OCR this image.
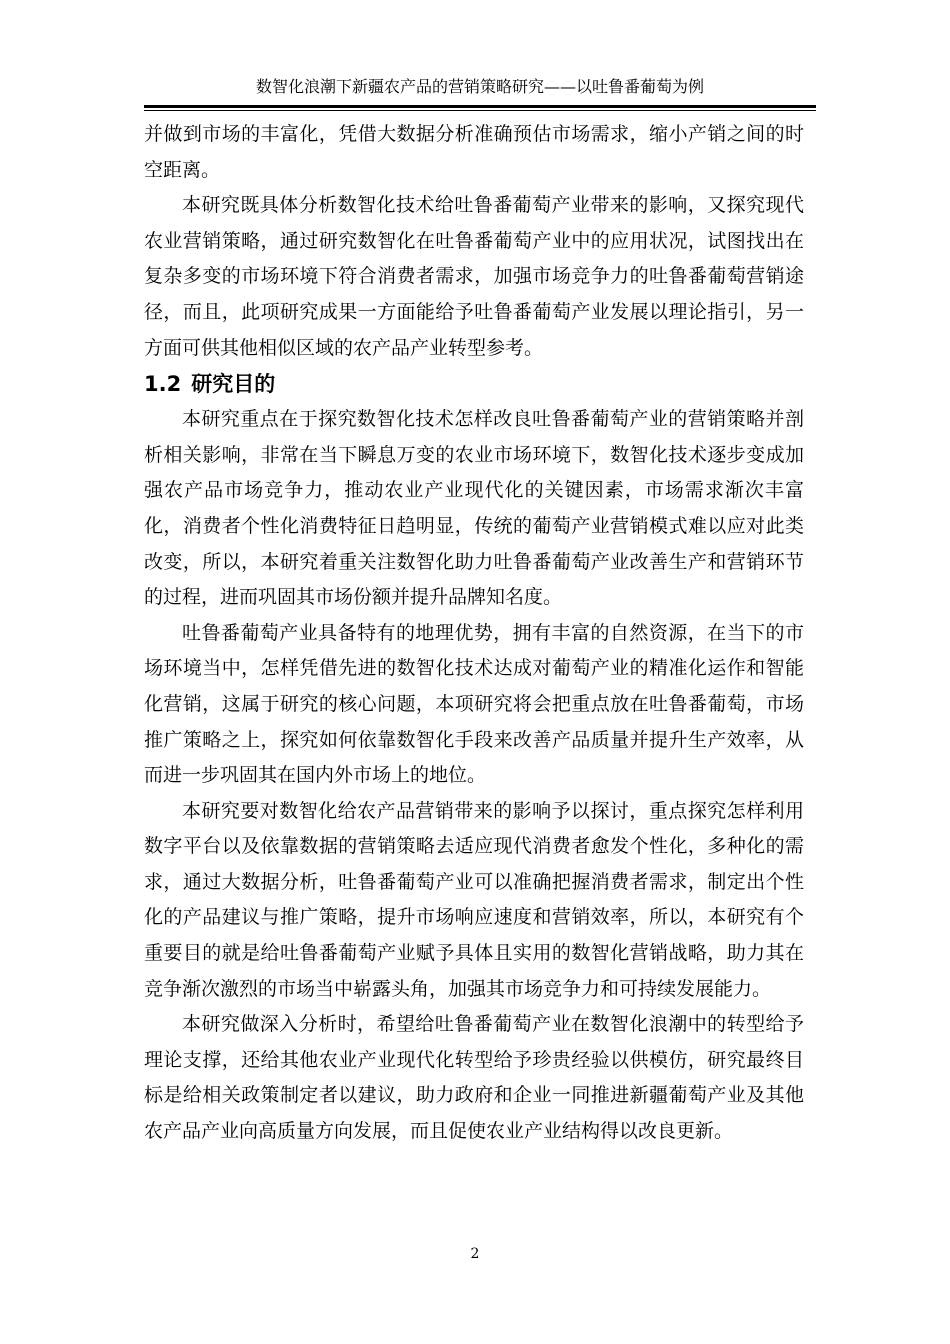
数智化浪潮下新疆农产品的营销策略研究——以吐鲁番葡萄为例

并做到市场的丰富化，凭借大数据分析准确预估市场需求，缩小产销之间的时空距离。

本研究既具体分析数智化技术给吐鲁番葡萄产业带来的影响，又探究现代农业营销策略，通过研究数智化在吐鲁番葡萄产业中的应用状况，试图找出在复杂多变的市场环境下符合消费者需求，加强市场竞争力的吐鲁番葡萄营销途径，而且，此项研究成果一方面能给予吐鲁番葡萄产业发展以理论指引，另一方面可供其他相似区域的农产品产业转型参考。

1.2 研究目的

本研究重点在于探究数智化技术怎样改良吐鲁番葡萄产业的营销策略并剖析相关影响，非常在当下瞬息万变的农业市场环境下，数智化技术逐步变成加强农产品市场竞争力，推动农业产业现代化的关键因素，市场需求渐次丰富化，消费者个性化消费特征日趋明显，传统的葡萄产业营销模式难以应对此类改变，所以，本研究着重关注数智化助力吐鲁番葡萄产业改善生产和营销环节的过程，进而巩固其市场份额并提升品牌知名度。

吐鲁番葡萄产业具备特有的地理优势，拥有丰富的自然资源，在当下的市场环境当中，怎样凭借先进的数智化技术达成对葡萄产业的精准化运作和智能化营销，这属于研究的核心问题，本项研究将会把重点放在吐鲁番葡萄，市场推广策略之上，探究如何依靠数智化手段来改善产品质量并提升生产效率，从而进一步巩固其在国内外市场上的地位。

本研究要对数智化给农产品营销带来的影响予以探讨，重点探究怎样利用数字平台以及依靠数据的营销策略去适应现代消费者愈发个性化，多种化的需求，通过大数据分析，吐鲁番葡萄产业可以准确把握消费者需求，制定出个性化的产品建议与推广策略，提升市场响应速度和营销效率，所以，本研究有个重要目的就是给吐鲁番葡萄产业赋予具体且实用的数智化营销战略，助力其在竞争渐次激烈的市场当中崭露头角，加强其市场竞争力和可持续发展能力。

本研究做深入分析时，希望给吐鲁番葡萄产业在数智化浪潮中的转型给予理论支撑，还给其他农业产业现代化转型给予珍贵经验以供模仿，研究最终目标是给相关政策制定者以建议，助力政府和企业一同推进新疆葡萄产业及其他农产品产业向高质量方向发展，而且促使农业产业结构得以改良更新。

2
